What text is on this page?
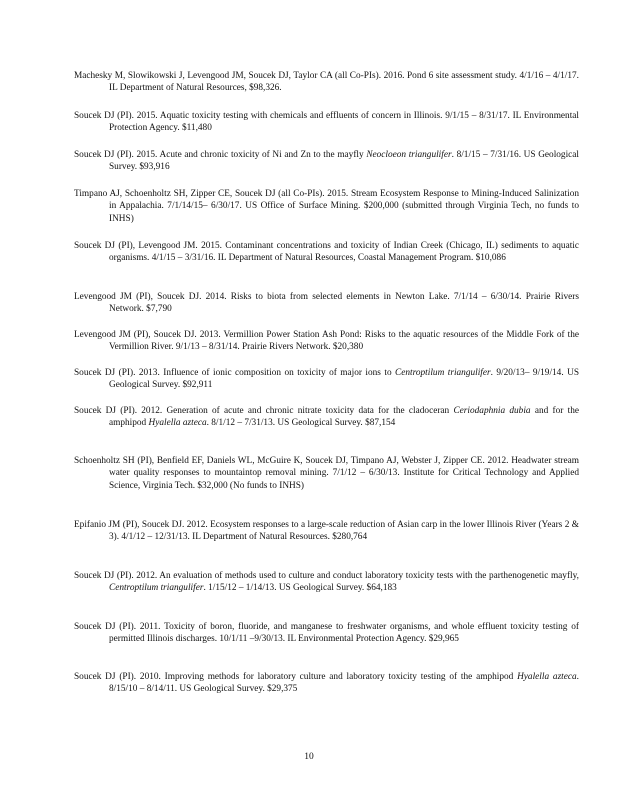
Machesky M, Slowikowski J, Levengood JM, Soucek DJ, Taylor CA (all Co-PIs). 2016. Pond 6 site assessment study. 4/1/16 – 4/1/17. IL Department of Natural Resources, $98,326.

Soucek DJ (PI). 2015. Aquatic toxicity testing with chemicals and effluents of concern in Illinois. 9/1/15 – 8/31/17. IL Environmental Protection Agency. $11,480

Soucek DJ (PI). 2015. Acute and chronic toxicity of Ni and Zn to the mayfly Neocloeon triangulifer. 8/1/15 – 7/31/16. US Geological Survey. $93,916

Timpano AJ, Schoenholtz SH, Zipper CE, Soucek DJ (all Co-PIs). 2015. Stream Ecosystem Response to Mining-Induced Salinization in Appalachia. 7/1/14/15– 6/30/17. US Office of Surface Mining. $200,000 (submitted through Virginia Tech, no funds to INHS)

Soucek DJ (PI), Levengood JM. 2015. Contaminant concentrations and toxicity of Indian Creek (Chicago, IL) sediments to aquatic organisms. 4/1/15 – 3/31/16. IL Department of Natural Resources, Coastal Management Program. $10,086

Levengood JM (PI), Soucek DJ. 2014. Risks to biota from selected elements in Newton Lake. 7/1/14 – 6/30/14. Prairie Rivers Network. $7,790

Levengood JM (PI), Soucek DJ. 2013. Vermillion Power Station Ash Pond: Risks to the aquatic resources of the Middle Fork of the Vermillion River. 9/1/13 – 8/31/14. Prairie Rivers Network. $20,380

Soucek DJ (PI). 2013. Influence of ionic composition on toxicity of major ions to Centroptilum triangulifer. 9/20/13– 9/19/14. US Geological Survey. $92,911

Soucek DJ (PI). 2012. Generation of acute and chronic nitrate toxicity data for the cladoceran Ceriodaphnia dubia and for the amphipod Hyalella azteca. 8/1/12 – 7/31/13. US Geological Survey. $87,154

Schoenholtz SH (PI), Benfield EF, Daniels WL, McGuire K, Soucek DJ, Timpano AJ, Webster J, Zipper CE. 2012. Headwater stream water quality responses to mountaintop removal mining. 7/1/12 – 6/30/13. Institute for Critical Technology and Applied Science, Virginia Tech. $32,000 (No funds to INHS)

Epifanio JM (PI), Soucek DJ. 2012. Ecosystem responses to a large-scale reduction of Asian carp in the lower Illinois River (Years 2 & 3). 4/1/12 – 12/31/13. IL Department of Natural Resources. $280,764

Soucek DJ (PI). 2012. An evaluation of methods used to culture and conduct laboratory toxicity tests with the parthenogenetic mayfly, Centroptilum triangulifer. 1/15/12 – 1/14/13. US Geological Survey. $64,183

Soucek DJ (PI). 2011. Toxicity of boron, fluoride, and manganese to freshwater organisms, and whole effluent toxicity testing of permitted Illinois discharges. 10/1/11 –9/30/13. IL Environmental Protection Agency. $29,965

Soucek DJ (PI). 2010. Improving methods for laboratory culture and laboratory toxicity testing of the amphipod Hyalella azteca. 8/15/10 – 8/14/11. US Geological Survey. $29,375

10
